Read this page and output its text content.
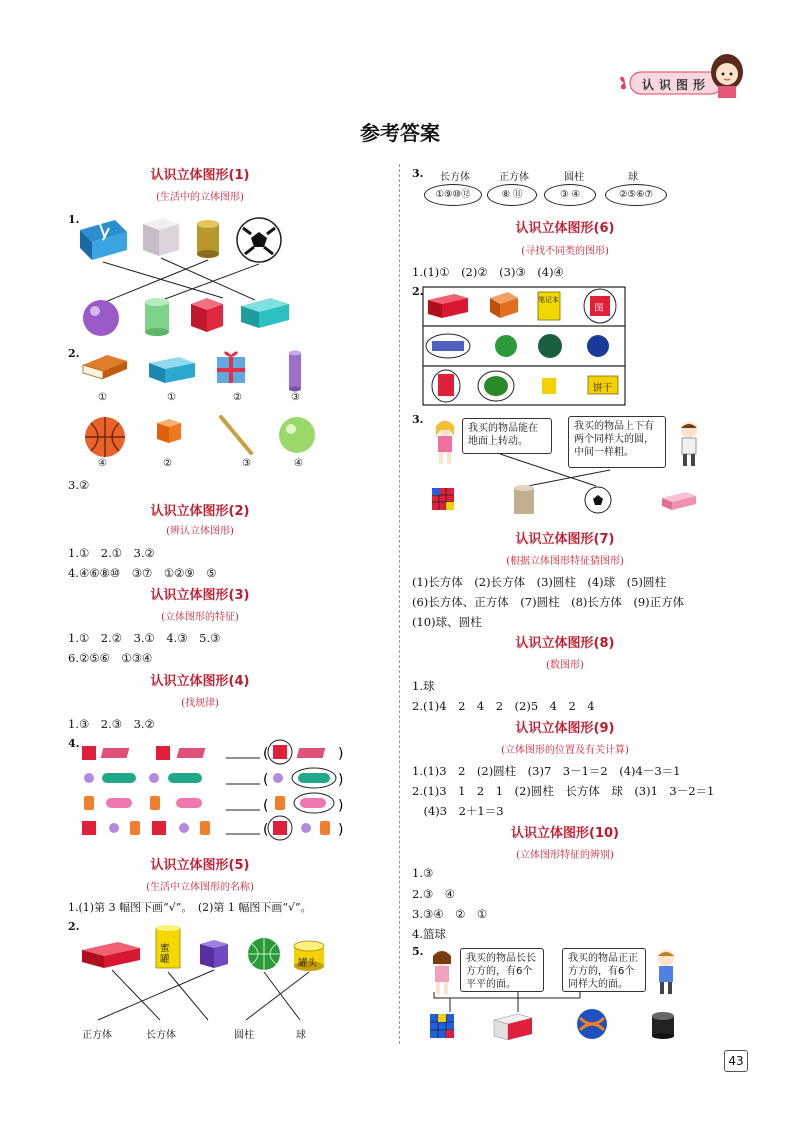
认识图形
参考答案
认识立体图形(1)
(生活中的立体图形)
1.
2.
①	①	②	③
④	②	③	④
3.②
认识立体图形(2)
(辨认立体图形)
1.①　2.①　3.②
4.④⑥⑧⑩　③⑦　①②⑨　⑤
认识立体图形(3)
(立体图形的特征)
1.①　2.②　3.①　4.③　5.③
6.②⑤⑥　①③④
认识立体图形(4)
(找规律)
1.③　2.③　3.②
4.
(	)
(	)
(	)
(	)
认识立体图形(5)
(生活中立体图形的名称)
1.(1)第 3 幅图下画“√”。　(2)第 1 幅图下画“√”。
2.
蜜罐	罐头
正方体	长方体	圆柱	球
3. 长方体	正方体	圆柱	球
①⑨⑩⑫	⑧ ⑪	③ ④	②⑤⑥⑦
认识立体图形(6)
(寻找不同类的图形)
1.(1)①　(2)②　(3)③　(4)④
2.
笔记本
图
饼干
3.
我买的物品能在地面上转动。
我买的物品上下有两个同样大的圆，中间一样粗。
认识立体图形(7)
(根据立体图形特征猜图形)
(1)长方体　(2)长方体　(3)圆柱　(4)球　(5)圆柱
(6)长方体、正方体　(7)圆柱　(8)长方体　(9)正方体
(10)球、圆柱
认识立体图形(8)
(数图形)
1.球
2.(1)4　2　4　2　(2)5　4　2　4
认识立体图形(9)
(立体图形的位置及有关计算)
1.(1)3　2　(2)圆柱　(3)7　3－1＝2　(4)4－3＝1
2.(1)3　1　2　1　(2)圆柱　长方体　球　(3)1　3－2＝1
　(4)3　2＋1＝3
认识立体图形(10)
(立体图形特征的辨别)
1.③
2.③　④
3.③④　②　①
4.篮球
5.
我买的物品长长方方的，有6个平平的面。
我买的物品正正方方的，有6个同样大的面。
43
